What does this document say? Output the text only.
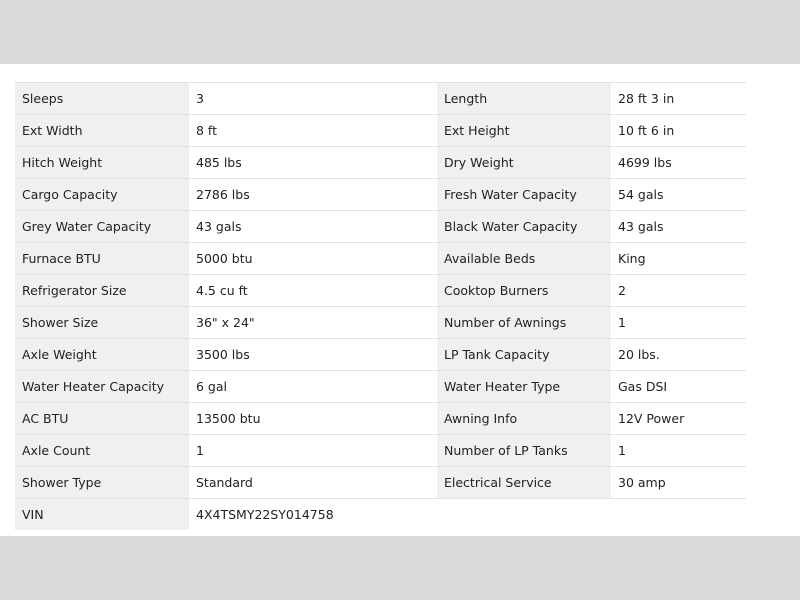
Sleeps	3	Length	28 ft 3 in
Ext Width	8 ft	Ext Height	10 ft 6 in
Hitch Weight	485 lbs	Dry Weight	4699 lbs
Cargo Capacity	2786 lbs	Fresh Water Capacity	54 gals
Grey Water Capacity	43 gals	Black Water Capacity	43 gals
Furnace BTU	5000 btu	Available Beds	King
Refrigerator Size	4.5 cu ft	Cooktop Burners	2
Shower Size	36" x 24"	Number of Awnings	1
Axle Weight	3500 lbs	LP Tank Capacity	20 lbs.
Water Heater Capacity	6 gal	Water Heater Type	Gas DSI
AC BTU	13500 btu	Awning Info	12V Power
Axle Count	1	Number of LP Tanks	1
Shower Type	Standard	Electrical Service	30 amp
VIN	4X4TSMY22SY014758		
